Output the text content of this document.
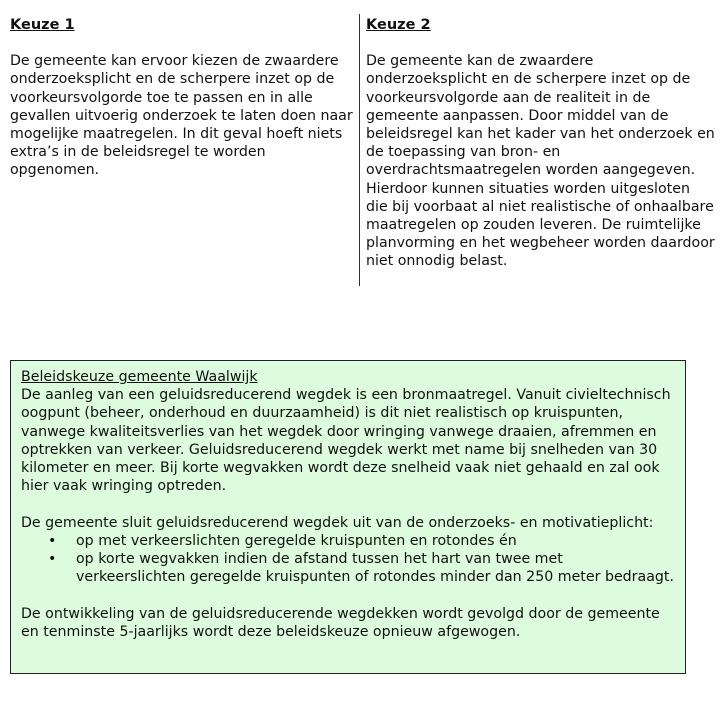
Keuze 1

De gemeente kan ervoor kiezen de zwaardere onderzoeksplicht en de scherpere inzet op de voorkeursvolgorde toe te passen en in alle gevallen uitvoerig onderzoek te laten doen naar mogelijke maatregelen. In dit geval hoeft niets extra’s in de beleidsregel te worden opgenomen.

Keuze 2

De gemeente kan de zwaardere onderzoeksplicht en de scherpere inzet op de voorkeursvolgorde aan de realiteit in de gemeente aanpassen. Door middel van de beleidsregel kan het kader van het onderzoek en de toepassing van bron- en overdrachtsmaatregelen worden aangegeven. Hierdoor kunnen situaties worden uitgesloten die bij voorbaat al niet realistische of onhaalbare maatregelen op zouden leveren. De ruimtelijke planvorming en het wegbeheer worden daardoor niet onnodig belast.

Beleidskeuze gemeente Waalwijk

De aanleg van een geluidsreducerend wegdek is een bronmaatregel. Vanuit civieltechnisch oogpunt (beheer, onderhoud en duurzaamheid) is dit niet realistisch op kruispunten, vanwege kwaliteitsverlies van het wegdek door wringing vanwege draaien, afremmen en optrekken van verkeer. Geluidsreducerend wegdek werkt met name bij snelheden van 30 kilometer en meer. Bij korte wegvakken wordt deze snelheid vaak niet gehaald en zal ook hier vaak wringing optreden.

De gemeente sluit geluidsreducerend wegdek uit van de onderzoeks- en motivatieplicht:

• op met verkeerslichten geregelde kruispunten en rotondes én
• op korte wegvakken indien de afstand tussen het hart van twee met verkeerslichten geregelde kruispunten of rotondes minder dan 250 meter bedraagt.

De ontwikkeling van de geluidsreducerende wegdekken wordt gevolgd door de gemeente en tenminste 5-jaarlijks wordt deze beleidskeuze opnieuw afgewogen.
